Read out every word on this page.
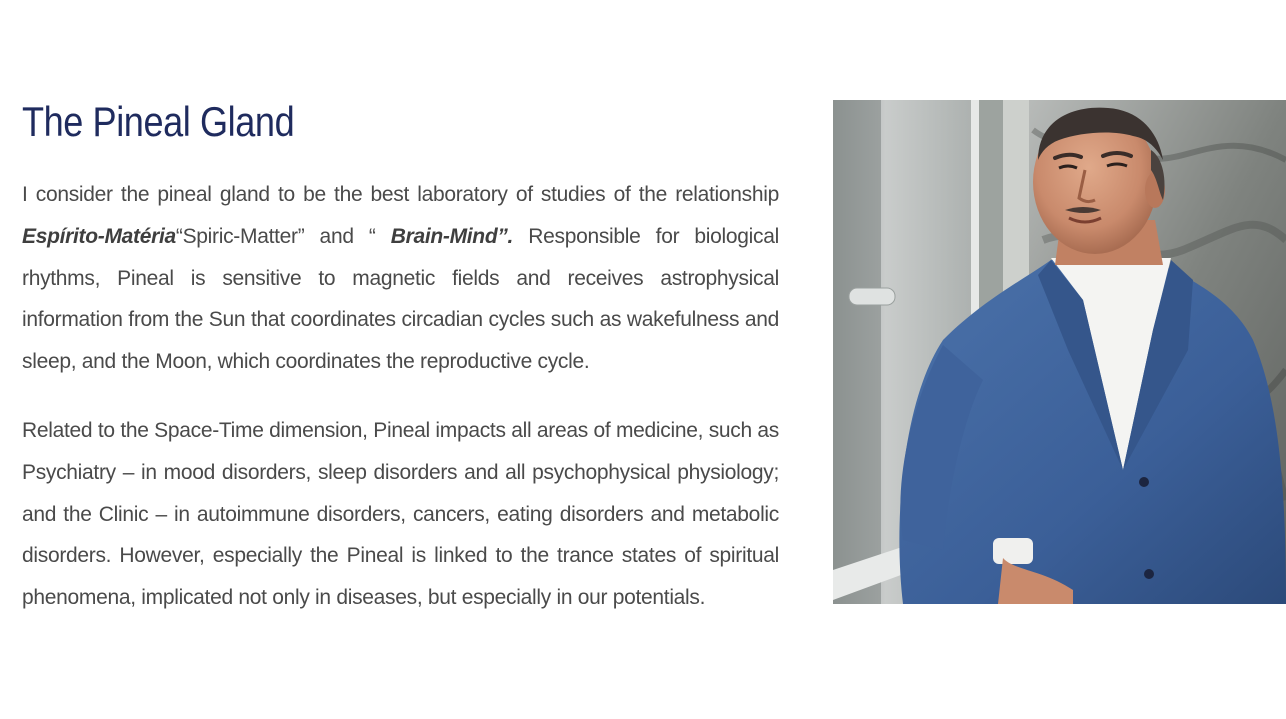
The Pineal Gland

I consider the pineal gland to be the best laboratory of studies of the relationship Espírito-Matéria“Spiric-Matter” and “ Brain-Mind”. Responsible for biological rhythms, Pineal is sensitive to magnetic fields and receives astrophysical information from the Sun that coordinates circadian cycles such as wakefulness and sleep, and the Moon, which coordinates the reproductive cycle.

Related to the Space-Time dimension, Pineal impacts all areas of medicine, such as Psychiatry – in mood disorders, sleep disorders and all psychophysical physiology; and the Clinic – in autoimmune disorders, cancers, eating disorders and metabolic disorders. However, especially the Pineal is linked to the trance states of spiritual phenomena, implicated not only in diseases, but especially in our potentials.
